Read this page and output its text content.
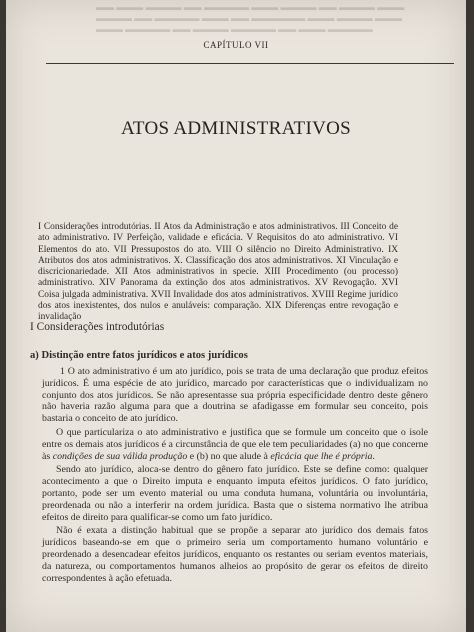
▬▬ ▬▬▬ ▬▬▬▬ ▬▬ ▬▬▬▬▬ ▬▬▬ ▬▬▬▬ ▬▬ ▬▬▬▬ ▬▬▬
▬▬▬▬ ▬▬ ▬▬▬▬▬ ▬▬▬ ▬▬ ▬▬▬▬▬▬ ▬▬▬ ▬▬▬▬ ▬▬▬
▬▬▬ ▬▬▬▬▬ ▬▬ ▬▬▬▬ ▬▬▬▬▬ ▬▬ ▬▬▬ ▬▬▬▬▬
CAPÍTULO VII
ATOS ADMINISTRATIVOS
I Considerações introdutórias. II Atos da Administração e atos administrativos. III Conceito de ato administrativo. IV Perfeição, validade e eficácia. V Requisitos do ato administrativo. VI Elementos do ato. VII Pressupostos do ato. VIII O silêncio no Direito Administrativo. IX Atributos dos atos administrativos. X. Classificação dos atos administrativos. XI Vinculação e discricionariedade. XII Atos administrativos in specie. XIII Procedimento (ou processo) administrativo. XIV Panorama da extinção dos atos administrativos. XV Revogação. XVI Coisa julgada administrativa. XVII Invalidade dos atos administrativos. XVIII Regime jurídico dos atos inexistentes, dos nulos e anuláveis: comparação. XIX Diferenças entre revogação e invalidação
I Considerações introdutórias
a) Distinção entre fatos jurídicos e atos jurídicos

1 O ato administrativo é um ato jurídico, pois se trata de uma declaração que produz efeitos jurídicos. É uma espécie de ato jurídico, marcado por características que o individualizam no conjunto dos atos jurídicos. Se não apresentasse sua própria especificidade dentro deste gênero não haveria razão alguma para que a doutrina se afadigasse em formular seu conceito, pois bastaria o conceito de ato jurídico.

O que particulariza o ato administrativo e justifica que se formule um conceito que o isole entre os demais atos jurídicos é a circunstância de que ele tem peculiaridades (a) no que concerne às condições de sua válida produção e (b) no que alude à eficácia que lhe é própria.

Sendo ato jurídico, aloca-se dentro do gênero fato jurídico. Este se define como: qualquer acontecimento a que o Direito imputa e enquanto imputa efeitos jurídicos. O fato jurídico, portanto, pode ser um evento material ou uma conduta humana, voluntária ou involuntária, preordenada ou não a interferir na ordem jurídica. Basta que o sistema normativo lhe atribua efeitos de direito para qualificar-se como um fato jurídico.

Não é exata a distinção habitual que se propõe a separar ato jurídico dos demais fatos jurídicos baseando-se em que o primeiro seria um comportamento humano voluntário e preordenado a desencadear efeitos jurídicos, enquanto os restantes ou seriam eventos materiais, da natureza, ou comportamentos humanos alheios ao propósito de gerar os efeitos de direito correspondentes à ação efetuada.
